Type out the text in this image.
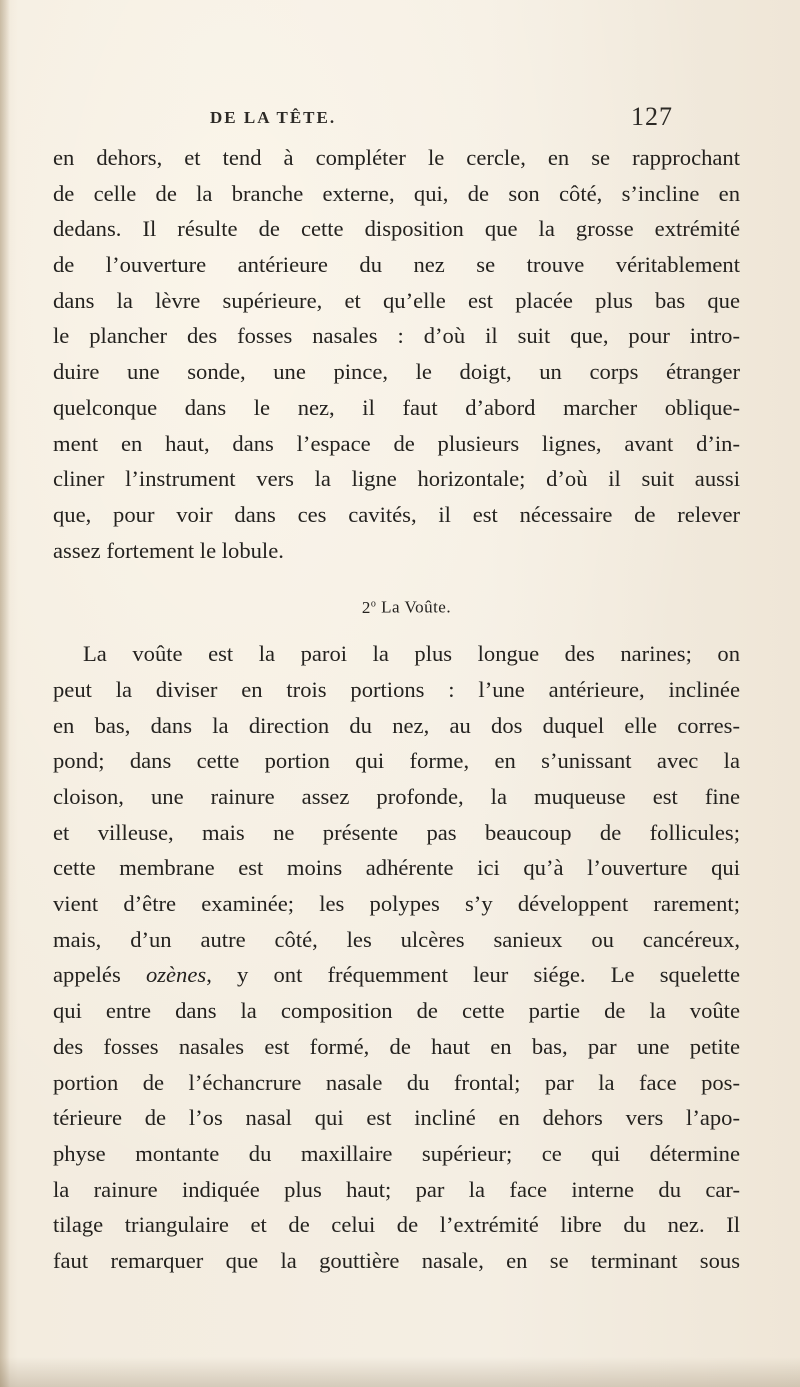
DE LA TÊTE.	127
en dehors, et tend à compléter le cercle, en se rapprochant
de celle de la branche externe, qui, de son côté, s’incline en
dedans. Il résulte de cette disposition que la grosse extrémité
de l’ouverture antérieure du nez se trouve véritablement
dans la lèvre supérieure, et qu’elle est placée plus bas que
le plancher des fosses nasales : d’où il suit que, pour intro-
duire une sonde, une pince, le doigt, un corps étranger
quelconque dans le nez, il faut d’abord marcher oblique-
ment en haut, dans l’espace de plusieurs lignes, avant d’in-
cliner l’instrument vers la ligne horizontale; d’où il suit aussi
que, pour voir dans ces cavités, il est nécessaire de relever
assez fortement le lobule.
2$^o$ La Voûte.
La voûte est la paroi la plus longue des narines; on
peut la diviser en trois portions : l’une antérieure, inclinée
en bas, dans la direction du nez, au dos duquel elle corres-
pond; dans cette portion qui forme, en s’unissant avec la
cloison, une rainure assez profonde, la muqueuse est fine
et villeuse, mais ne présente pas beaucoup de follicules;
cette membrane est moins adhérente ici qu’à l’ouverture qui
vient d’être examinée; les polypes s’y développent rarement;
mais, d’un autre côté, les ulcères sanieux ou cancéreux,
appelés ozènes, y ont fréquemment leur siége. Le squelette
qui entre dans la composition de cette partie de la voûte
des fosses nasales est formé, de haut en bas, par une petite
portion de l’échancrure nasale du frontal; par la face pos-
térieure de l’os nasal qui est incliné en dehors vers l’apo-
physe montante du maxillaire supérieur; ce qui détermine
la rainure indiquée plus haut; par la face interne du car-
tilage triangulaire et de celui de l’extrémité libre du nez. Il
faut remarquer que la gouttière nasale, en se terminant sous
